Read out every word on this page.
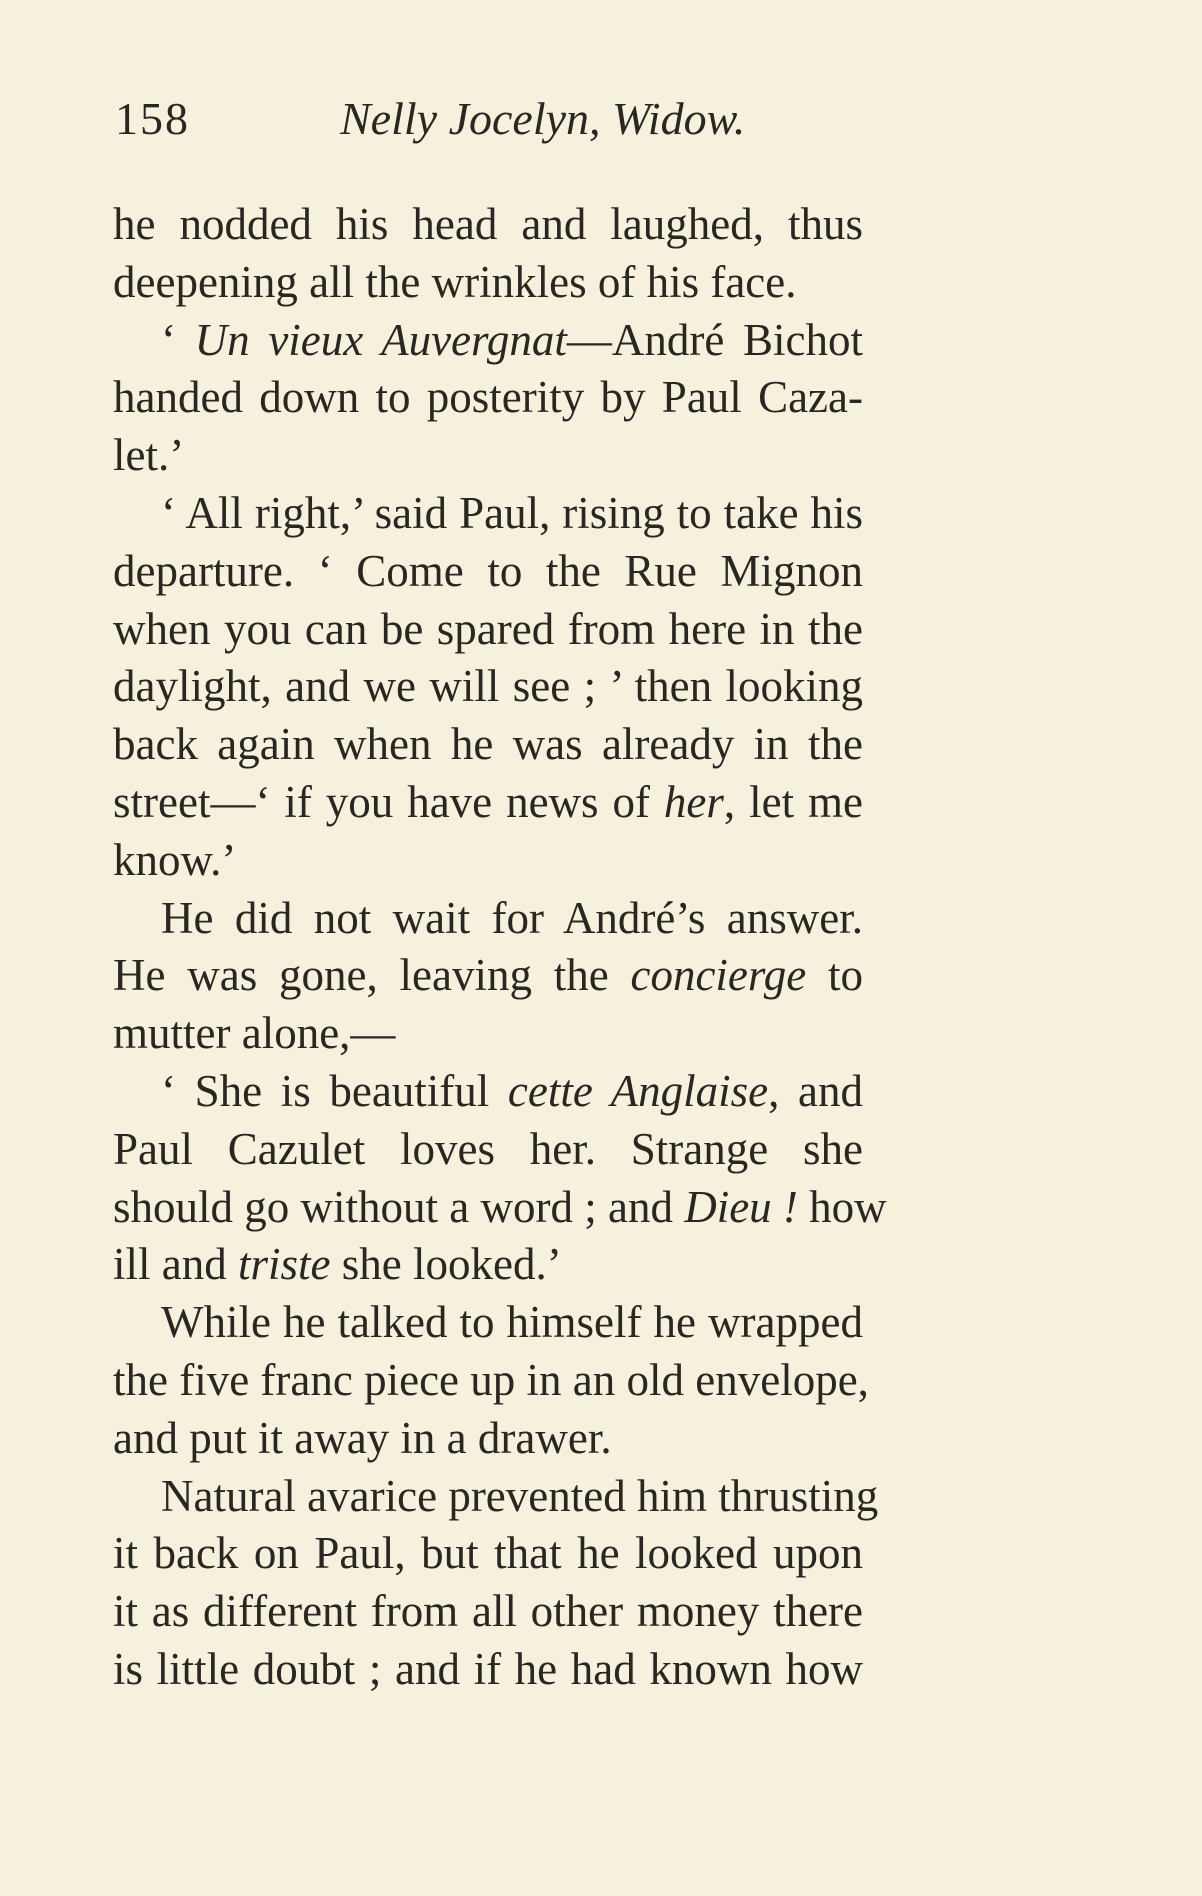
158	Nelly Jocelyn, Widow.
he nodded his head and laughed, thus
deepening all the wrinkles of his face.
‘ Un vieux Auvergnat—André Bichot
handed down to posterity by Paul Caza-
let.’
‘ All right,’ said Paul, rising to take his
departure. ‘ Come to the Rue Mignon
when you can be spared from here in the
daylight, and we will see ; ’ then looking
back again when he was already in the
street—‘ if you have news of her, let me
know.’
He did not wait for André’s answer.
He was gone, leaving the concierge to
mutter alone,—
‘ She is beautiful cette Anglaise, and
Paul Cazulet loves her. Strange she
should go without a word ; and Dieu ! how
ill and triste she looked.’
While he talked to himself he wrapped
the five franc piece up in an old envelope,
and put it away in a drawer.
Natural avarice prevented him thrusting
it back on Paul, but that he looked upon
it as different from all other money there
is little doubt ; and if he had known how
